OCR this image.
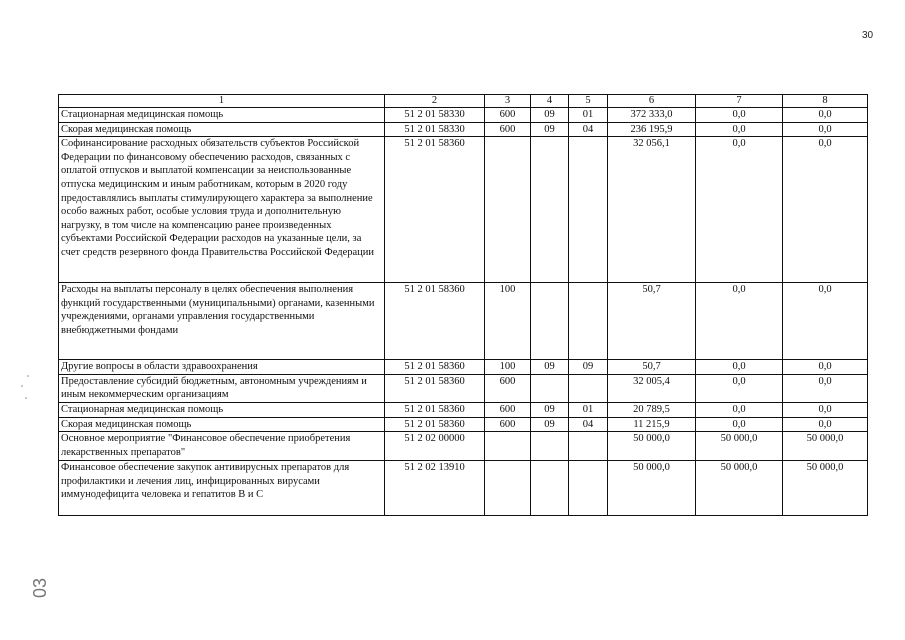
30
1	2	3	4	5	6	7	8
Стационарная медицинская помощь	51 2 01 58330	600	09	01	372 333,0	0,0	0,0
Скорая медицинская помощь	51 2 01 58330	600	09	04	236 195,9	0,0	0,0
Софинансирование расходных обязательств субъектов Российской Федерации по финансовому обеспечению расходов, связанных с оплатой отпусков и выплатой компенсации за неиспользованные отпуска медицинским и иным работникам, которым в 2020 году предоставлялись выплаты стимулирующего характера за выполнение особо важных работ, особые условия труда и дополнительную нагрузку, в том числе на компенсацию ранее произведенных субъектами Российской Федерации расходов на указанные цели, за счет средств резервного фонда Правительства Российской Федерации	51 2 01 58360				32 056,1	0,0	0,0
Расходы на выплаты персоналу в целях обеспечения выполнения функций государственными (муниципальными) органами, казенными учреждениями, органами управления государственными внебюджетными фондами	51 2 01 58360	100			50,7	0,0	0,0
Другие вопросы в области здравоохранения	51 2 01 58360	100	09	09	50,7	0,0	0,0
Предоставление субсидий бюджетным, автономным учреждениям и иным некоммерческим организациям	51 2 01 58360	600			32 005,4	0,0	0,0
Стационарная медицинская помощь	51 2 01 58360	600	09	01	20 789,5	0,0	0,0
Скорая медицинская помощь	51 2 01 58360	600	09	04	11 215,9	0,0	0,0
Основное мероприятие "Финансовое обеспечение приобретения лекарственных препаратов"	51 2 02 00000				50 000,0	50 000,0	50 000,0
Финансовое обеспечение закупок антивирусных препаратов для профилактики и лечения лиц, инфицированных вирусами иммунодефицита человека и гепатитов В и С	51 2 02 13910				50 000,0	50 000,0	50 000,0
03
